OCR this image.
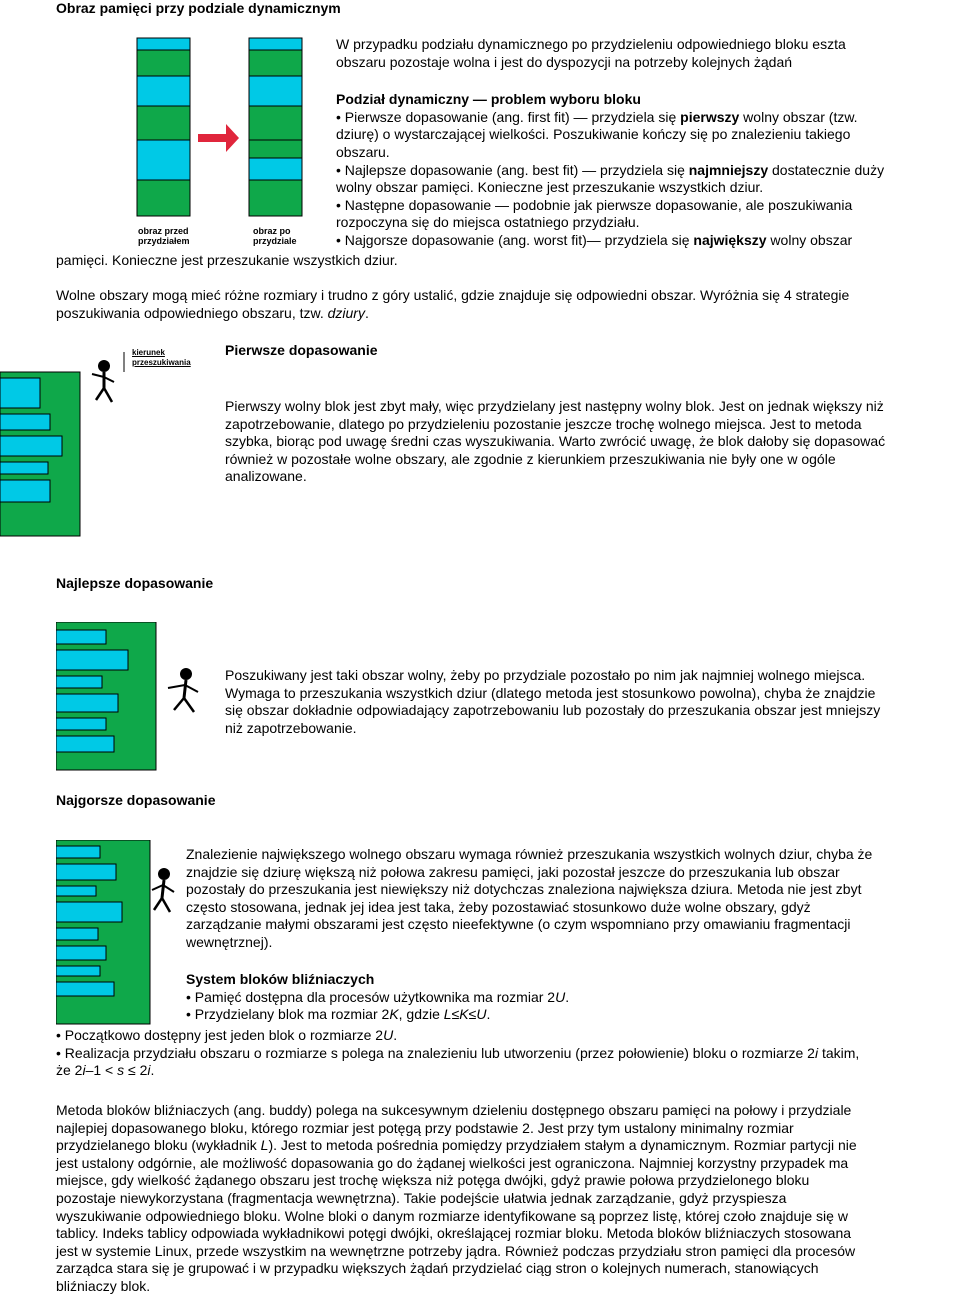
Obraz pamięci przy podziale dynamicznym
obraz przed
przydziałem
obraz po
przydziale
W przypadku podziału dynamicznego po przydzieleniu odpowiedniego bloku eszta
obszaru pozostaje wolna i jest do dyspozycji na potrzeby kolejnych żądań
Podział dynamiczny — problem wyboru bloku
• Pierwsze dopasowanie (ang. first fit) — przydziela się pierwszy wolny obszar (tzw.
dziurę) o wystarczającej wielkości. Poszukiwanie kończy się po znalezieniu takiego
obszaru.
• Najlepsze dopasowanie (ang. best fit) — przydziela się najmniejszy dostatecznie duży
wolny obszar pamięci. Konieczne jest przeszukanie wszystkich dziur.
• Następne dopasowanie — podobnie jak pierwsze dopasowanie, ale poszukiwania
rozpoczyna się do miejsca ostatniego przydziału.
• Najgorsze dopasowanie (ang. worst fit)— przydziela się największy wolny obszar
pamięci. Konieczne jest przeszukanie wszystkich dziur.
Wolne obszary mogą mieć różne rozmiary i trudno z góry ustalić, gdzie znajduje się odpowiedni obszar. Wyróżnia się 4 strategie
poszukiwania odpowiedniego obszaru, tzw. dziury.
kierunek
przeszukiwania
Pierwsze dopasowanie
Pierwszy wolny blok jest zbyt mały, więc przydzielany jest następny wolny blok. Jest on jednak większy niż
zapotrzebowanie, dlatego po przydzieleniu pozostanie jeszcze trochę wolnego miejsca. Jest to metoda
szybka, biorąc pod uwagę średni czas wyszukiwania. Warto zwrócić uwagę, że blok dałoby się dopasować
również w pozostałe wolne obszary, ale zgodnie z kierunkiem przeszukiwania nie były one w ogóle
analizowane.
Najlepsze dopasowanie
Poszukiwany jest taki obszar wolny, żeby po przydziale pozostało po nim jak najmniej wolnego miejsca.
Wymaga to przeszukania wszystkich dziur (dlatego metoda jest stosunkowo powolna), chyba że znajdzie
się obszar dokładnie odpowiadający zapotrzebowaniu lub pozostały do przeszukania obszar jest mniejszy
niż zapotrzebowanie.
Najgorsze dopasowanie
Znalezienie największego wolnego obszaru wymaga również przeszukania wszystkich wolnych dziur, chyba że
znajdzie się dziurę większą niż połowa zakresu pamięci, jaki pozostał jeszcze do przeszukania lub obszar
pozostały do przeszukania jest niewiększy niż dotychczas znaleziona największa dziura. Metoda nie jest zbyt
często stosowana, jednak jej idea jest taka, żeby pozostawiać stosunkowo duże wolne obszary, gdyż
zarządzanie małymi obszarami jest często nieefektywne (o czym wspomniano przy omawianiu fragmentacji
wewnętrznej).
System bloków bliźniaczych
• Pamięć dostępna dla procesów użytkownika ma rozmiar 2U.
• Przydzielany blok ma rozmiar 2K, gdzie L≤K≤U.
• Początkowo dostępny jest jeden blok o rozmiarze 2U.
• Realizacja przydziału obszaru o rozmiarze s polega na znalezieniu lub utworzeniu (przez połowienie) bloku o rozmiarze 2i takim,
że 2i–1 < s ≤ 2i.
Metoda bloków bliźniaczych (ang. buddy) polega na sukcesywnym dzieleniu dostępnego obszaru pamięci na połowy i przydziale
najlepiej dopasowanego bloku, którego rozmiar jest potęgą przy podstawie 2. Jest przy tym ustalony minimalny rozmiar
przydzielanego bloku (wykładnik L). Jest to metoda pośrednia pomiędzy przydziałem stałym a dynamicznym. Rozmiar partycji nie
jest ustalony odgórnie, ale możliwość dopasowania go do żądanej wielkości jest ograniczona. Najmniej korzystny przypadek ma
miejsce, gdy wielkość żądanego obszaru jest trochę większa niż potęga dwójki, gdyż prawie połowa przydzielonego bloku
pozostaje niewykorzystana (fragmentacja wewnętrzna). Takie podejście ułatwia jednak zarządzanie, gdyż przyspiesza
wyszukiwanie odpowiedniego bloku. Wolne bloki o danym rozmiarze identyfikowane są poprzez listę, której czoło znajduje się w
tablicy. Indeks tablicy odpowiada wykładnikowi potęgi dwójki, określającej rozmiar bloku. Metoda bloków bliźniaczych stosowana
jest w systemie Linux, przede wszystkim na wewnętrzne potrzeby jądra. Również podczas przydziału stron pamięci dla procesów
zarządca stara się je grupować i w przypadku większych żądań przydzielać ciąg stron o kolejnych numerach, stanowiących
bliźniaczy blok.
